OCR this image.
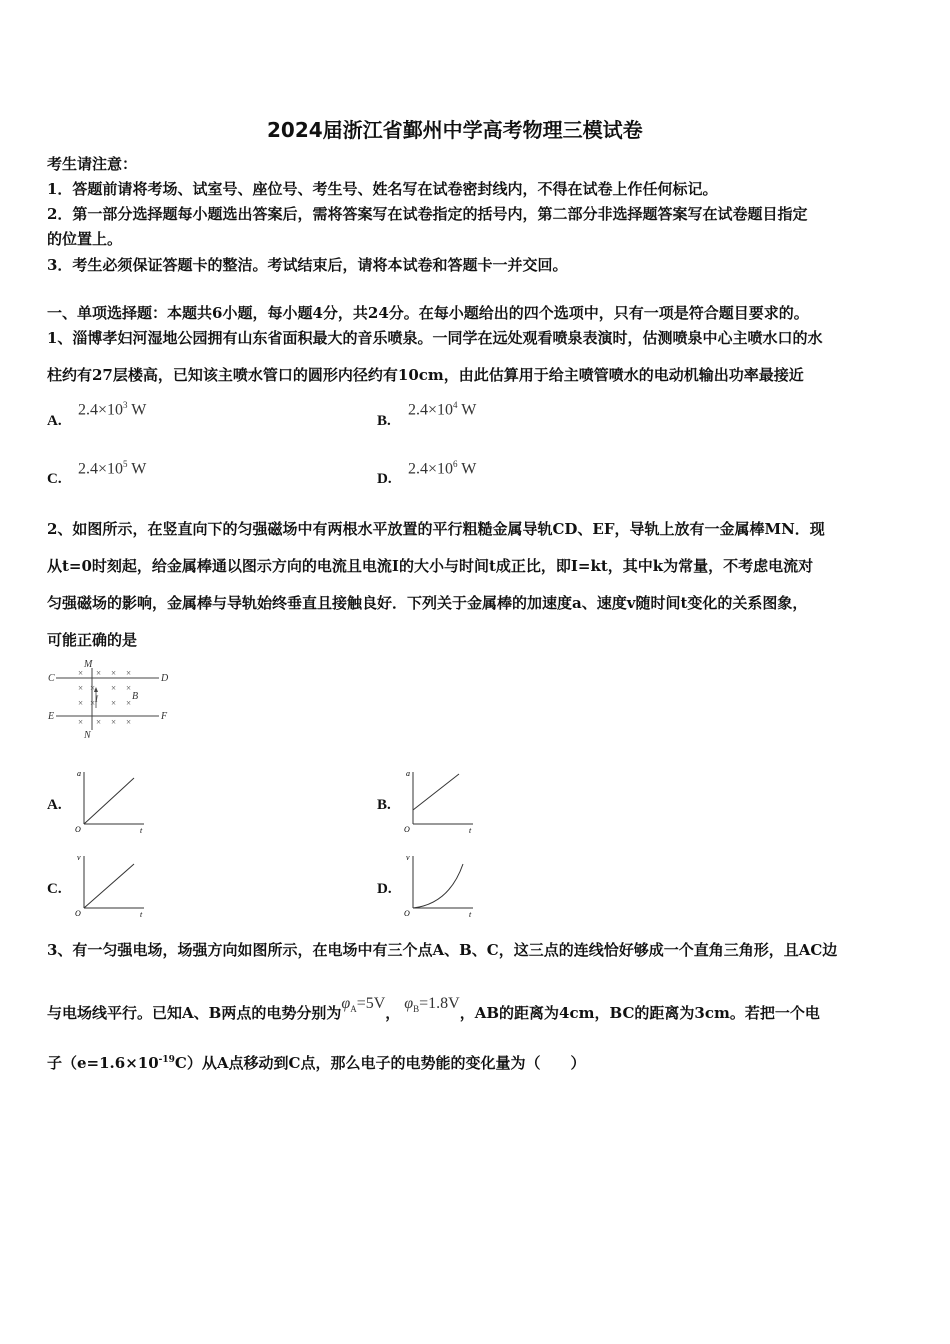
2024届浙江省鄞州中学高考物理三模试卷
考生请注意：
1．答题前请将考场、试室号、座位号、考生号、姓名写在试卷密封线内，不得在试卷上作任何标记。
2．第一部分选择题每小题选出答案后，需将答案写在试卷指定的括号内，第二部分非选择题答案写在试卷题目指定
的位置上。
3．考生必须保证答题卡的整洁。考试结束后，请将本试卷和答题卡一并交回。
一、单项选择题：本题共6小题，每小题4分，共24分。在每小题给出的四个选项中，只有一项是符合题目要求的。
1、淄博孝妇河湿地公园拥有山东省面积最大的音乐喷泉。一同学在远处观看喷泉表演时，估测喷泉中心主喷水口的水
柱约有27层楼高，已知该主喷水管口的圆形内径约有10cm，由此估算用于给主喷管喷水的电动机输出功率最接近
A.
$2.4\times 10^3$ W
B.
$2.4\times 10^4$ W
C.
$2.4\times 10^5$ W
D.
$2.4\times 10^6$ W
2、如图所示，在竖直向下的匀强磁场中有两根水平放置的平行粗糙金属导轨CD、EF，导轨上放有一金属棒MN．现
从t=0时刻起，给金属棒通以图示方向的电流且电流I的大小与时间t成正比，即I=kt，其中k为常量，不考虑电流对
匀强磁场的影响，金属棒与导轨始终垂直且接触良好．下列关于金属棒的加速度a、速度v随时间t变化的关系图象，
可能正确的是
C	D
E	F
M
N
B
I
× × × ×
× × × ×
× × × ×
× × × ×
A.
a
t
O
B.
a
t
O
C.
v
t
O
D.
v
t
O
3、有一匀强电场，场强方向如图所示，在电场中有三个点A、B、C，这三点的连线恰好够成一个直角三角形，且AC边
与电场线平行。已知A、B两点的电势分别为$\varphi_A=5V$，$\varphi_B=1.8V$，AB的距离为4cm，BC的距离为3cm。若把一个电
子$(e=1.6\times 10^{-19}C)$从A点移动到C点，那么电子的电势能的变化量为（　　）
